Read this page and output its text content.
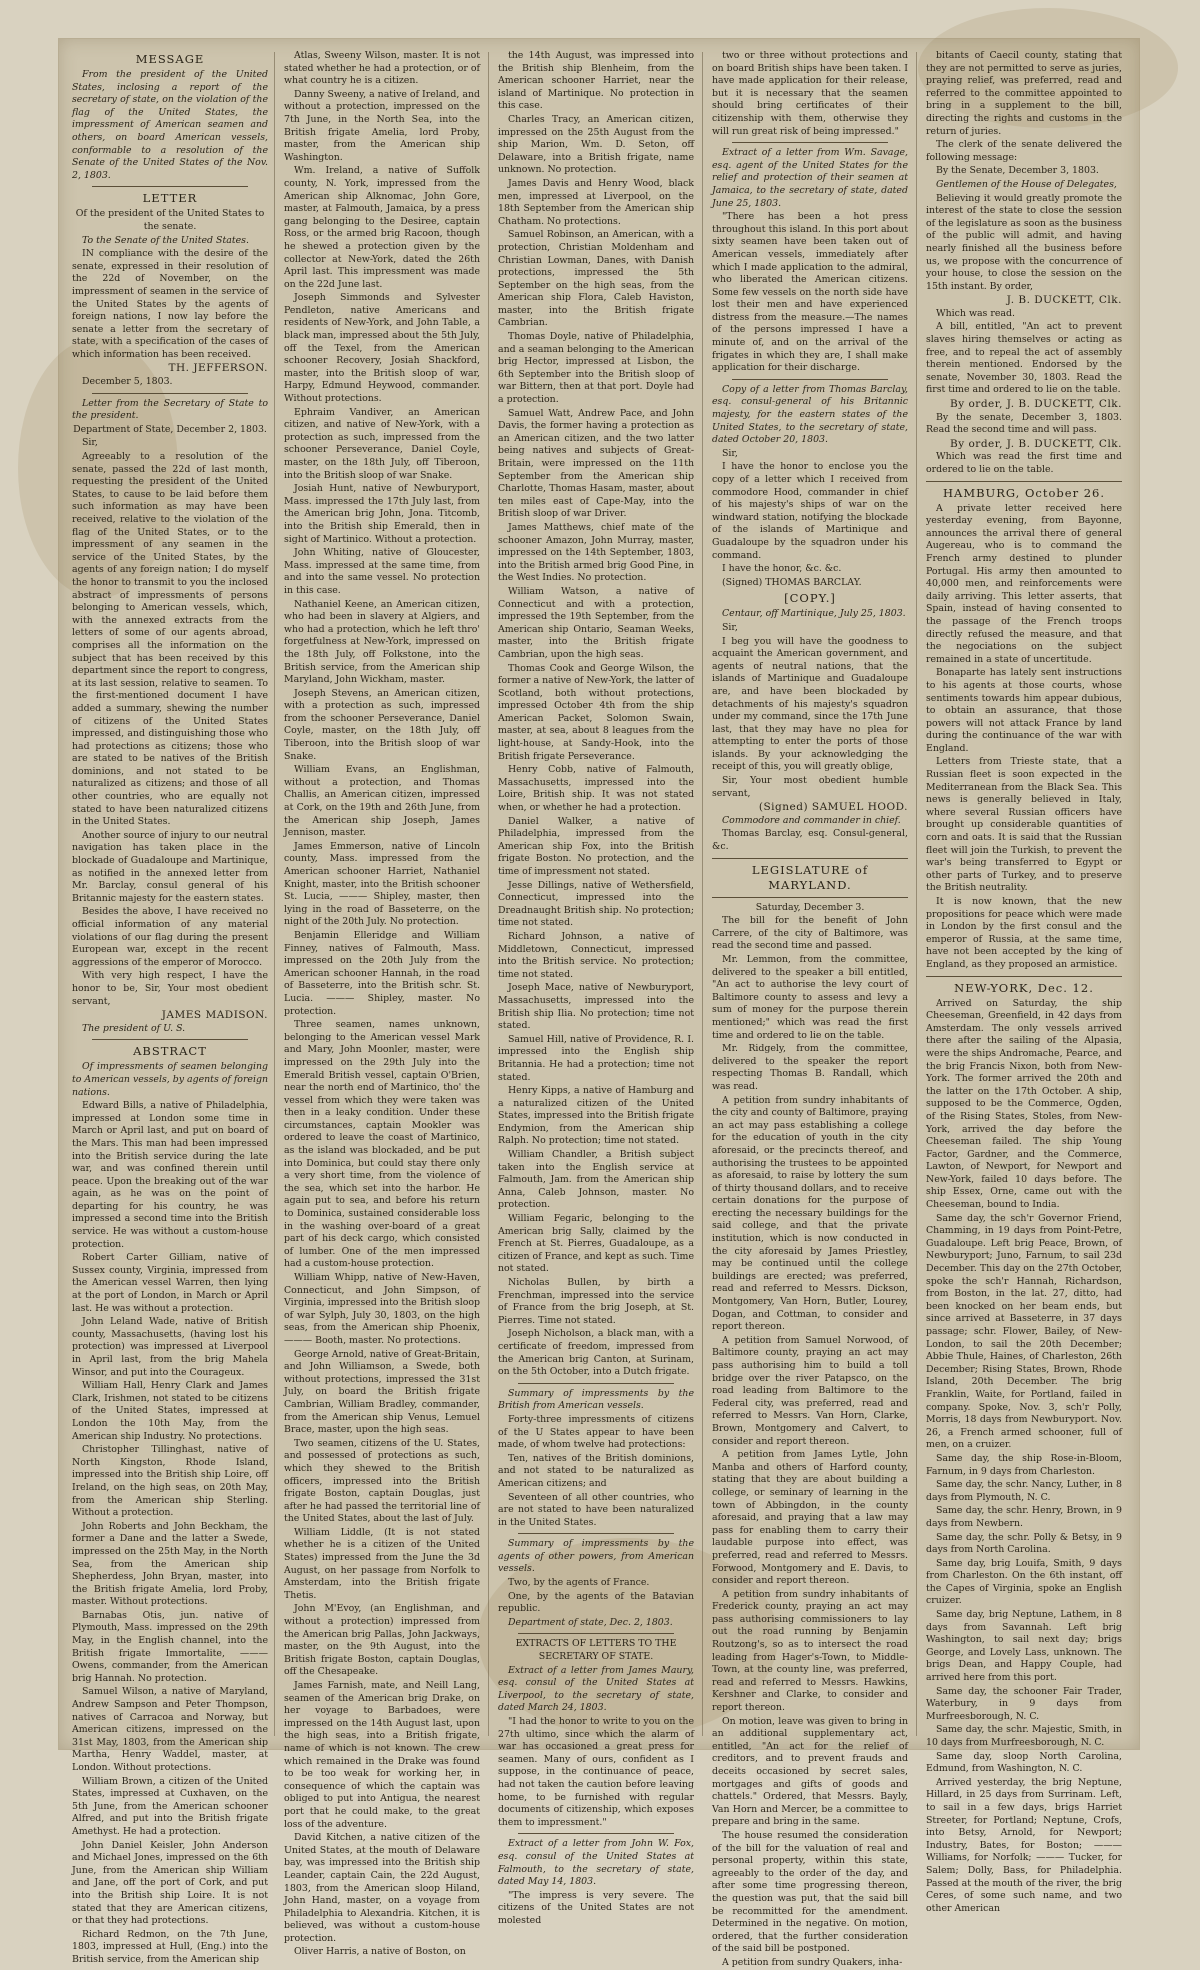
MESSAGE

From the president of the United States, inclosing a report of the secretary of state, on the violation of the flag of the United States, the impressment of American seamen and others, on board American vessels, conformable to a resolution of the Senate of the United States of the Nov. 2, 1803.

LETTER

Of the president of the United States to the senate.

To the Senate of the United States.

IN compliance with the desire of the senate, expressed in their resolution of the 22d of November, on the impressment of seamen in the service of the United States by the agents of foreign nations, I now lay before the senate a letter from the secretary of state, with a specification of the cases of which information has been received.

TH. JEFFERSON.

December 5, 1803.

Letter from the Secretary of State to the president.

Department of State, December 2, 1803.

Sir,

Agreeably to a resolution of the senate, passed the 22d of last month, requesting the president of the United States, to cause to be laid before them such information as may have been received, relative to the violation of the flag of the United States, or to the impressment of any seamen in the service of the United States, by the agents of any foreign nation; I do myself the honor to transmit to you the inclosed abstract of impressments of persons belonging to American vessels, which, with the annexed extracts from the letters of some of our agents abroad, comprises all the information on the subject that has been received by this department since the report to congress, at its last session, relative to seamen. To the first-mentioned document I have added a summary, shewing the number of citizens of the United States impressed, and distinguishing those who had protections as citizens; those who are stated to be natives of the British dominions, and not stated to be naturalized as citizens; and those of all other countries, who are equally not stated to have been naturalized citizens in the United States.

Another source of injury to our neutral navigation has taken place in the blockade of Guadaloupe and Martinique, as notified in the annexed letter from Mr. Barclay, consul general of his Britannic majesty for the eastern states.

Besides the above, I have received no official information of any material violations of our flag during the present European war, except in the recent aggressions of the emperor of Morocco.

With very high respect, I have the honor to be, Sir, Your most obedient servant,

JAMES MADISON.

The president of U. S.

ABSTRACT

Of impressments of seamen belonging to American vessels, by agents of foreign nations.

Edward Bills, a native of Philadelphia, impressed at London some time in March or April last, and put on board of the Mars. This man had been impressed into the British service during the late war, and was confined therein until peace. Upon the breaking out of the war again, as he was on the point of departing for his country, he was impressed a second time into the British service. He was without a custom-house protection.

Robert Carter Gilliam, native of Sussex county, Virginia, impressed from the American vessel Warren, then lying at the port of London, in March or April last. He was without a protection.

John Leland Wade, native of British county, Massachusetts, (having lost his protection) was impressed at Liverpool in April last, from the brig Mahela Winsor, and put into the Courageux.

William Hall, Henry Clark and James Clark, Irishmen, not stated to be citizens of the United States, impressed at London the 10th May, from the American ship Industry. No protections.

Christopher Tillinghast, native of North Kingston, Rhode Island, impressed into the British ship Loire, off Ireland, on the high seas, on 20th May, from the American ship Sterling. Without a protection.

John Roberts and John Beckham, the former a Dane and the latter a Swede, impressed on the 25th May, in the North Sea, from the American ship Shepherdess, John Bryan, master, into the British frigate Amelia, lord Proby, master. Without protections.

Barnabas Otis, jun. native of Plymouth, Mass. impressed on the 29th May, in the English channel, into the British frigate Immortalite, ——— Owens, commander, from the American brig Hannah. No protection.

Samuel Wilson, a native of Maryland, Andrew Sampson and Peter Thompson, natives of Carracoa and Norway, but American citizens, impressed on the 31st May, 1803, from the American ship Martha, Henry Waddel, master, at London. Without protections.

William Brown, a citizen of the United States, impressed at Cuxhaven, on the 5th June, from the American schooner Alfred, and put into the British frigate Amethyst. He had a protection.

John Daniel Keisler, John Anderson and Michael Jones, impressed on the 6th June, from the American ship William and Jane, off the port of Cork, and put into the British ship Loire. It is not stated that they are American citizens, or that they had protections.

Richard Redmon, on the 7th June, 1803, impressed at Hull, (Eng.) into the British service, from the American ship

Atlas, Sweeny Wilson, master. It is not stated whether he had a protection, or of what country he is a citizen.

Danny Sweeny, a native of Ireland, and without a protection, impressed on the 7th June, in the North Sea, into the British frigate Amelia, lord Proby, master, from the American ship Washington.

Wm. Ireland, a native of Suffolk county, N. York, impressed from the American ship Alknomac, John Gore, master, at Falmouth, Jamaica, by a press gang belonging to the Desiree, captain Ross, or the armed brig Racoon, though he shewed a protection given by the collector at New-York, dated the 26th April last. This impressment was made on the 22d June last.

Joseph Simmonds and Sylvester Pendleton, native Americans and residents of New-York, and John Table, a black man, impressed about the 5th July, off the Texel, from the American schooner Recovery, Josiah Shackford, master, into the British sloop of war, Harpy, Edmund Heywood, commander. Without protections.

Ephraim Vandiver, an American citizen, and native of New-York, with a protection as such, impressed from the schooner Perseverance, Daniel Coyle, master, on the 18th July, off Tiberoon, into the British sloop of war Snake.

Josiah Hunt, native of Newburyport, Mass. impressed the 17th July last, from the American brig John, Jona. Titcomb, into the British ship Emerald, then in sight of Martinico. Without a protection.

John Whiting, native of Gloucester, Mass. impressed at the same time, from and into the same vessel. No protection in this case.

Nathaniel Keene, an American citizen, who had been in slavery at Algiers, and who had a protection, which he left thro' forgetfulness at New-York, impressed on the 18th July, off Folkstone, into the British service, from the American ship Maryland, John Wickham, master.

Joseph Stevens, an American citizen, with a protection as such, impressed from the schooner Perseverance, Daniel Coyle, master, on the 18th July, off Tiberoon, into the British sloop of war Snake.

William Evans, an Englishman, without a protection, and Thomas Challis, an American citizen, impressed at Cork, on the 19th and 26th June, from the American ship Joseph, James Jennison, master.

James Emmerson, native of Lincoln county, Mass. impressed from the American schooner Harriet, Nathaniel Knight, master, into the British schooner St. Lucia, ——— Shipley, master, then lying in the road of Basseterre, on the night of the 20th July. No protection.

Benjamin Elleridge and William Finney, natives of Falmouth, Mass. impressed on the 20th July from the American schooner Hannah, in the road of Basseterre, into the British schr. St. Lucia. ——— Shipley, master. No protection.

Three seamen, names unknown, belonging to the American vessel Mark and Mary, John Moonler, master, were impressed on the 29th July into the Emerald British vessel, captain O'Brien, near the north end of Martinico, tho' the vessel from which they were taken was then in a leaky condition. Under these circumstances, captain Mookler was ordered to leave the coast of Martinico, as the island was blockaded, and be put into Dominica, but could stay there only a very short time, from the violence of the sea, which set into the harbor. He again put to sea, and before his return to Dominica, sustained considerable loss in the washing over-board of a great part of his deck cargo, which consisted of lumber. One of the men impressed had a custom-house protection.

William Whipp, native of New-Haven, Connecticut, and John Simpson, of Virginia, impressed into the British sloop of war Sylph, July 30, 1803, on the high seas, from the American ship Phoenix, ——— Booth, master. No protections.

George Arnold, native of Great-Britain, and John Williamson, a Swede, both without protections, impressed the 31st July, on board the British frigate Cambrian, William Bradley, commander, from the American ship Venus, Lemuel Brace, master, upon the high seas.

Two seamen, citizens of the U. States, and possessed of protections as such, which they shewed to the British officers, impressed into the British frigate Boston, captain Douglas, just after he had passed the territorial line of the United States, about the last of July.

William Liddle, (It is not stated whether he is a citizen of the United States) impressed from the June the 3d August, on her passage from Norfolk to Amsterdam, into the British frigate Thetis.

John M'Evoy, (an Englishman, and without a protection) impressed from the American brig Pallas, John Jackways, master, on the 9th August, into the British frigate Boston, captain Douglas, off the Chesapeake.

James Farnish, mate, and Neill Lang, seamen of the American brig Drake, on her voyage to Barbadoes, were impressed on the 14th August last, upon the high seas, into a British frigate, name of which is not known. The crew which remained in the Drake was found to be too weak for working her, in consequence of which the captain was obliged to put into Antigua, the nearest port that he could make, to the great loss of the adventure.

David Kitchen, a native citizen of the United States, at the mouth of Delaware bay, was impressed into the British ship Leander, captain Cain, the 22d August, 1803, from the American sloop Hiland, John Hand, master, on a voyage from Philadelphia to Alexandria. Kitchen, it is believed, was without a custom-house protection.

Oliver Harris, a native of Boston, on

the 14th August, was impressed into the British ship Blenheim, from the American schooner Harriet, near the island of Martinique. No protection in this case.

Charles Tracy, an American citizen, impressed on the 25th August from the ship Marion, Wm. D. Seton, off Delaware, into a British frigate, name unknown. No protection.

James Davis and Henry Wood, black men, impressed at Liverpool, on the 18th September from the American ship Chatham. No protections.

Samuel Robinson, an American, with a protection, Christian Moldenham and Christian Lowman, Danes, with Danish protections, impressed the 5th September on the high seas, from the American ship Flora, Caleb Haviston, master, into the British frigate Cambrian.

Thomas Doyle, native of Philadelphia, and a seaman belonging to the American brig Hector, impressed at Lisbon, the 6th September into the British sloop of war Bittern, then at that port. Doyle had a protection.

Samuel Watt, Andrew Pace, and John Davis, the former having a protection as an American citizen, and the two latter being natives and subjects of Great-Britain, were impressed on the 11th September from the American ship Charlotte, Thomas Hasam, master, about ten miles east of Cape-May, into the British sloop of war Driver.

James Matthews, chief mate of the schooner Amazon, John Murray, master, impressed on the 14th September, 1803, into the British armed brig Good Pine, in the West Indies. No protection.

William Watson, a native of Connecticut and with a protection, impressed the 19th September, from the American ship Ontario, Seaman Weeks, master, into the British frigate Cambrian, upon the high seas.

Thomas Cook and George Wilson, the former a native of New-York, the latter of Scotland, both without protections, impressed October 4th from the ship American Packet, Solomon Swain, master, at sea, about 8 leagues from the light-house, at Sandy-Hook, into the British frigate Perseverance.

Henry Cobb, native of Falmouth, Massachusetts, impressed into the Loire, British ship. It was not stated when, or whether he had a protection.

Daniel Walker, a native of Philadelphia, impressed from the American ship Fox, into the British frigate Boston. No protection, and the time of impressment not stated.

Jesse Dillings, native of Wethersfield, Connecticut, impressed into the Dreadnaught British ship. No protection; time not stated.

Richard Johnson, a native of Middletown, Connecticut, impressed into the British service. No protection; time not stated.

Joseph Mace, native of Newburyport, Massachusetts, impressed into the British ship Ilia. No protection; time not stated.

Samuel Hill, native of Providence, R. I. impressed into the English ship Britannia. He had a protection; time not stated.

Henry Kipps, a native of Hamburg and a naturalized citizen of the United States, impressed into the British frigate Endymion, from the American ship Ralph. No protection; time not stated.

William Chandler, a British subject taken into the English service at Falmouth, Jam. from the American ship Anna, Caleb Johnson, master. No protection.

William Fegaric, belonging to the American brig Sally, claimed by the French at St. Pierres, Guadaloupe, as a citizen of France, and kept as such. Time not stated.

Nicholas Bullen, by birth a Frenchman, impressed into the service of France from the brig Joseph, at St. Pierres. Time not stated.

Joseph Nicholson, a black man, with a certificate of freedom, impressed from the American brig Canton, at Surinam, on the 5th October, into a Dutch frigate.

Summary of impressments by the British from American vessels.

Forty-three impressments of citizens of the U States appear to have been made, of whom twelve had protections:

Ten, natives of the British dominions, and not stated to be naturalized as American citizens; and

Seventeen of all other countries, who are not stated to have been naturalized in the United States.

Summary of impressments by the agents of other powers, from American vessels.

Two, by the agents of France.

One, by the agents of the Batavian republic.

Department of state, Dec. 2, 1803.

EXTRACTS OF LETTERS TO THE SECRETARY OF STATE.

Extract of a letter from James Maury, esq. consul of the United States at Liverpool, to the secretary of state, dated March 24, 1803.

"I had the honor to write to you on the 27th ultimo, since which the alarm of war has occasioned a great press for seamen. Many of ours, confident as I suppose, in the continuance of peace, had not taken the caution before leaving home, to be furnished with regular documents of citizenship, which exposes them to impressment."

Extract of a letter from John W. Fox, esq. consul of the United States at Falmouth, to the secretary of state, dated May 14, 1803.

"The impress is very severe. The citizens of the United States are not molested

two or three without protections and on board British ships have been taken. I have made application for their release, but it is necessary that the seamen should bring certificates of their citizenship with them, otherwise they will run great risk of being impressed."

Extract of a letter from Wm. Savage, esq. agent of the United States for the relief and protection of their seamen at Jamaica, to the secretary of state, dated June 25, 1803.

"There has been a hot press throughout this island. In this port about sixty seamen have been taken out of American vessels, immediately after which I made application to the admiral, who liberated the American citizens. Some few vessels on the north side have lost their men and have experienced distress from the measure.—The names of the persons impressed I have a minute of, and on the arrival of the frigates in which they are, I shall make application for their discharge.

Copy of a letter from Thomas Barclay, esq. consul-general of his Britannic majesty, for the eastern states of the United States, to the secretary of state, dated October 20, 1803.

Sir,

I have the honor to enclose you the copy of a letter which I received from commodore Hood, commander in chief of his majesty's ships of war on the windward station, notifying the blockade of the islands of Martinique and Guadaloupe by the squadron under his command.

I have the honor, &c. &c.

(Signed) THOMAS BARCLAY.

[COPY.]

Centaur, off Martinique, July 25, 1803.

Sir,

I beg you will have the goodness to acquaint the American government, and agents of neutral nations, that the islands of Martinique and Guadaloupe are, and have been blockaded by detachments of his majesty's squadron under my command, since the 17th June last, that they may have no plea for attempting to enter the ports of those islands. By your acknowledging the receipt of this, you will greatly oblige,

Sir, Your most obedient humble servant,

(Signed) SAMUEL HOOD.

Commodore and commander in chief.

Thomas Barclay, esq. Consul-general, &c.

LEGISLATURE of MARYLAND.

Saturday, December 3.

The bill for the benefit of John Carrere, of the city of Baltimore, was read the second time and passed.

Mr. Lemmon, from the committee, delivered to the speaker a bill entitled, "An act to authorise the levy court of Baltimore county to assess and levy a sum of money for the purpose therein mentioned;" which was read the first time and ordered to lie on the table.

Mr. Ridgely, from the committee, delivered to the speaker the report respecting Thomas B. Randall, which was read.

A petition from sundry inhabitants of the city and county of Baltimore, praying an act may pass establishing a college for the education of youth in the city aforesaid, or the precincts thereof, and authorising the trustees to be appointed as aforesaid, to raise by lottery the sum of thirty thousand dollars, and to receive certain donations for the purpose of erecting the necessary buildings for the said college, and that the private institution, which is now conducted in the city aforesaid by James Priestley, may be continued until the college buildings are erected; was preferred, read and referred to Messrs. Dickson, Montgomery, Van Horn, Butler, Lourey, Dogan, and Cottman, to consider and report thereon.

A petition from Samuel Norwood, of Baltimore county, praying an act may pass authorising him to build a toll bridge over the river Patapsco, on the road leading from Baltimore to the Federal city, was preferred, read and referred to Messrs. Van Horn, Clarke, Brown, Montgomery and Calvert, to consider and report thereon.

A petition from James Lytle, John Manba and others of Harford county, stating that they are about building a college, or seminary of learning in the town of Abbingdon, in the county aforesaid, and praying that a law may pass for enabling them to carry their laudable purpose into effect, was preferred, read and referred to Messrs. Forwood, Montgomery and E. Davis, to consider and report thereon.

A petition from sundry inhabitants of Frederick county, praying an act may pass authorising commissioners to lay out the road running by Benjamin Routzong's, so as to intersect the road leading from Hager's-Town, to Middle-Town, at the county line, was preferred, read and referred to Messrs. Hawkins, Kershner and Clarke, to consider and report thereon.

On motion, leave was given to bring in an additional supplementary act, entitled, "An act for the relief of creditors, and to prevent frauds and deceits occasioned by secret sales, mortgages and gifts of goods and chattels." Ordered, that Messrs. Bayly, Van Horn and Mercer, be a committee to prepare and bring in the same.

The house resumed the consideration of the bill for the valuation of real and personal property, within this state, agreeably to the order of the day, and after some time progressing thereon, the question was put, that the said bill be recommitted for the amendment. Determined in the negative. On motion, ordered, that the further consideration of the said bill be postponed.

A petition from sundry Quakers, inha-

bitants of Caecil county, stating that they are not permitted to serve as juries, praying relief, was preferred, read and referred to the committee appointed to bring in a supplement to the bill, directing the rights and customs in the return of juries.

The clerk of the senate delivered the following message:

By the Senate, December 3, 1803.

Gentlemen of the House of Delegates,

Believing it would greatly promote the interest of the state to close the session of the legislature as soon as the business of the public will admit, and having nearly finished all the business before us, we propose with the concurrence of your house, to close the session on the 15th instant. By order,

J. B. DUCKETT, Clk.

Which was read.

A bill, entitled, "An act to prevent slaves hiring themselves or acting as free, and to repeal the act of assembly therein mentioned. Endorsed by the senate, November 30, 1803. Read the first time and ordered to lie on the table.

By order, J. B. DUCKETT, Clk.

By the senate, December 3, 1803. Read the second time and will pass.

By order, J. B. DUCKETT, Clk.

Which was read the first time and ordered to lie on the table.

HAMBURG, October 26.

A private letter received here yesterday evening, from Bayonne, announces the arrival there of general Augereau, who is to command the French army destined to plunder Portugal. His army then amounted to 40,000 men, and reinforcements were daily arriving. This letter asserts, that Spain, instead of having consented to the passage of the French troops directly refused the measure, and that the negociations on the subject remained in a state of uncertitude.

Bonaparte has lately sent instructions to his agents at those courts, whose sentiments towards him appear dubious, to obtain an assurance, that those powers will not attack France by land during the continuance of the war with England.

Letters from Trieste state, that a Russian fleet is soon expected in the Mediterranean from the Black Sea. This news is generally believed in Italy, where several Russian officers have brought up considerable quantities of corn and oats. It is said that the Russian fleet will join the Turkish, to prevent the war's being transferred to Egypt or other parts of Turkey, and to preserve the British neutrality.

It is now known, that the new propositions for peace which were made in London by the first consul and the emperor of Russia, at the same time, have not been accepted by the king of England, as they proposed an armistice.

NEW-YORK, Dec. 12.

Arrived on Saturday, the ship Cheeseman, Greenfield, in 42 days from Amsterdam. The only vessels arrived there after the sailing of the Alpasia, were the ships Andromache, Pearce, and the brig Francis Nixon, both from New-York. The former arrived the 20th and the latter on the 17th October. A ship, supposed to be the Commerce, Ogden, of the Rising States, Stoles, from New-York, arrived the day before the Cheeseman failed. The ship Young Factor, Gardner, and the Commerce, Lawton, of Newport, for Newport and New-York, failed 10 days before. The ship Essex, Orne, came out with the Cheeseman, bound to India.

Same day, the sch'r Governor Friend, Chamming, in 19 days from Point-Petre, Guadaloupe. Left brig Peace, Brown, of Newburyport; Juno, Farnum, to sail 23d December. This day on the 27th October, spoke the sch'r Hannah, Richardson, from Boston, in the lat. 27, ditto, had been knocked on her beam ends, but since arrived at Basseterre, in 37 days passage; schr. Flower, Bailey, of New-London, to sail the 20th December; Abbie Thule, Haines, of Charleston, 26th December; Rising States, Brown, Rhode Island, 20th December. The brig Franklin, Waite, for Portland, failed in company. Spoke, Nov. 3, sch'r Polly, Morris, 18 days from Newburyport. Nov. 26, a French armed schooner, full of men, on a cruizer.

Same day, the ship Rose-in-Bloom, Farnum, in 9 days from Charleston.

Same day, the schr. Nancy, Luther, in 8 days from Plymouth, N. C.

Same day, the schr. Henry, Brown, in 9 days from Newbern.

Same day, the schr. Polly & Betsy, in 9 days from North Carolina.

Same day, brig Louifa, Smith, 9 days from Charleston. On the 6th instant, off the Capes of Virginia, spoke an English cruizer.

Same day, brig Neptune, Lathem, in 8 days from Savannah. Left brig Washington, to sail next day; brigs George, and Lovely Lass, unknown. The brigs Dean, and Happy Couple, had arrived here from this port.

Same day, the schooner Fair Trader, Waterbury, in 9 days from Murfreesborough, N. C.

Same day, the schr. Majestic, Smith, in 10 days from Murfreesborough, N. C.

Same day, sloop North Carolina, Edmund, from Washington, N. C.

Arrived yesterday, the brig Neptune, Hillard, in 25 days from Surrinam. Left, to sail in a few days, brigs Harriet Streeter, for Portland; Neptune, Crofs, into Betsy, Arnold, for Newport; Industry, Bates, for Boston; ——— Williams, for Norfolk; ——— Tucker, for Salem; Dolly, Bass, for Philadelphia. Passed at the mouth of the river, the brig Ceres, of some such name, and two other American
